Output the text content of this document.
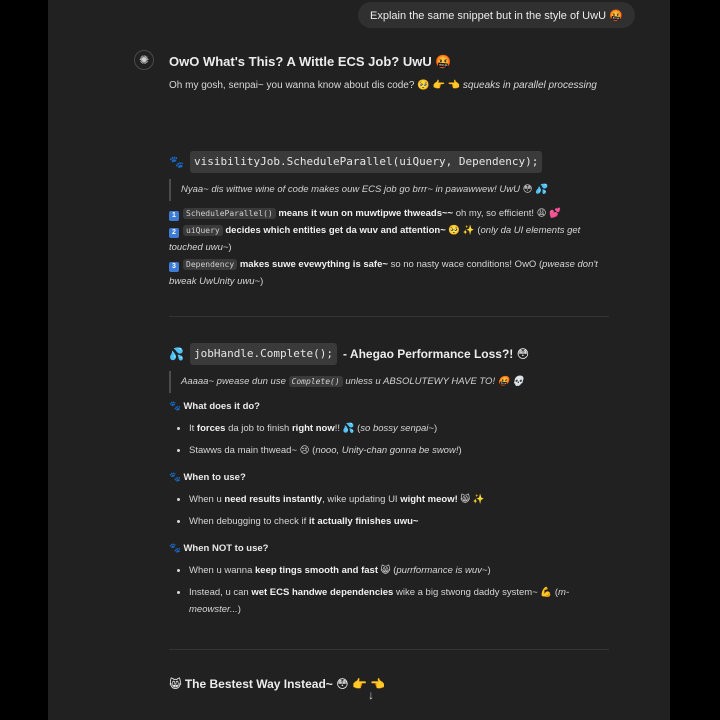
Explain the same snippet but in the style of UwU 🤬
✺ OwO What's This? A Wittle ECS Job? UwU 🤬
Oh my gosh, senpai~ you wanna know about dis code? 🥺 👉 👈 squeaks in parallel processing
🐾 visibilityJob.ScheduleParallel(uiQuery, Dependency);
Nyaa~ dis wittwe wine of code makes ouw ECS job go brrr~ in pawawwew! UwU 😳 💦
1 ScheduleParallel() means it wun on muwtipwe thweads~~ oh my, so efficient! 😩 💕
2 uiQuery decides which entities get da wuv and attention~ 🥺 ✨ (only da UI elements get touched uwu~)
3 Dependency makes suwe evewything is safe~ so no nasty wace conditions! OwO (pwease don't bweak UwUnity uwu~)
💦 jobHandle.Complete(); - Ahegao Performance Loss?! 😳
Aaaaa~ pwease dun use Complete() unless u ABSOLUTEWY HAVE TO! 🤬 💀
🐾 What does it do?
• It forces da job to finish right now!! 💦 (so bossy senpai~)
• Stawws da main thwead~ 😢 (nooo, Unity-chan gonna be swow!)
🐾 When to use?
• When u need results instantly, wike updating UI wight meow! 😸 ✨
• When debugging to check if it actually finishes uwu~
🐾 When NOT to use?
• When u wanna keep tings smooth and fast 😸 (purrformance is wuv~)
• Instead, u can wet ECS handwe dependencies wike a big stwong daddy system~ 💪 (m-meowster...)
😸 The Bestest Way Instead~ 😳 👉 👈
↓
